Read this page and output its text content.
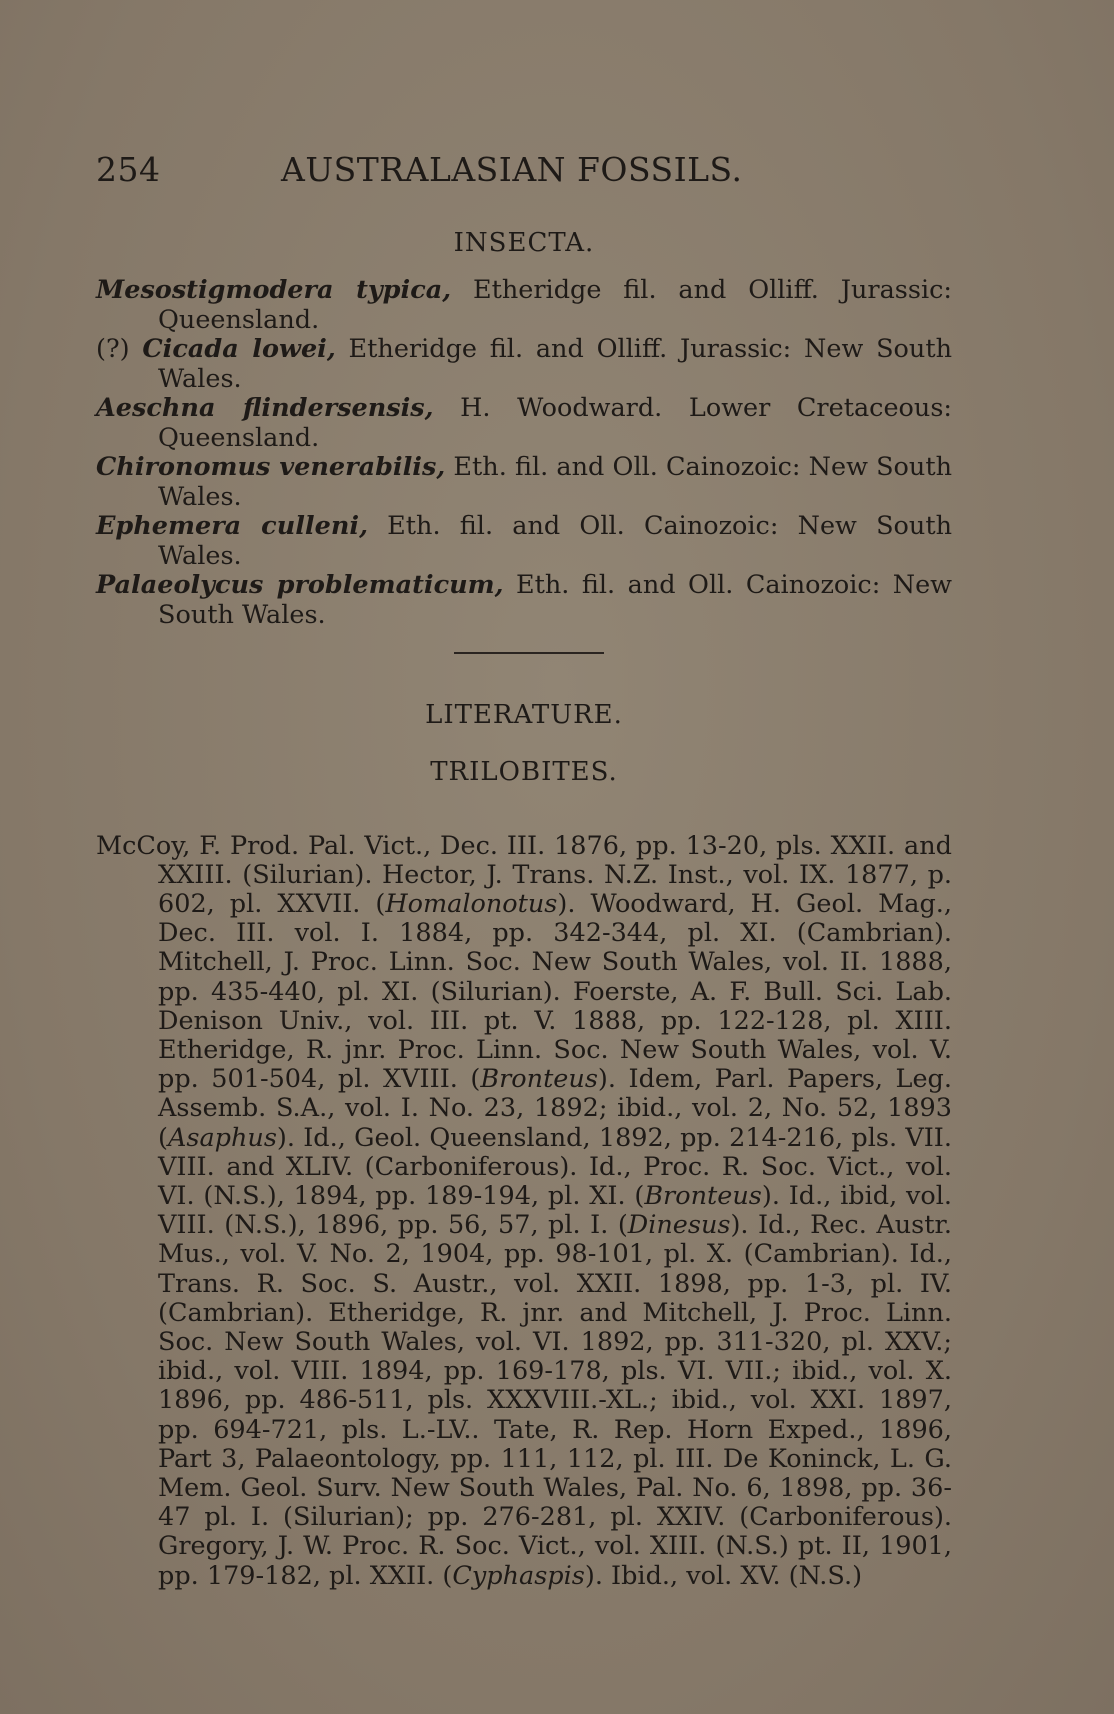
254	AUSTRALASIAN FOSSILS.
INSECTA.

Mesostigmodera typica, Etheridge fil. and Olliff. Jurassic: Queensland.

(?) Cicada lowei, Etheridge fil. and Olliff. Jurassic: New South Wales.

Aeschna flindersensis, H. Woodward. Lower Cretaceous: Queensland.

Chironomus venerabilis, Eth. fil. and Oll. Cainozoic: New South Wales.

Ephemera culleni, Eth. fil. and Oll. Cainozoic: New South Wales.

Palaeolycus problematicum, Eth. fil. and Oll. Cainozoic: New South Wales.

LITERATURE.
TRILOBITES.

McCoy, F. Prod. Pal. Vict., Dec. III. 1876, pp. 13-20, pls. XXII. and XXIII. (Silurian). Hector, J. Trans. N.Z. Inst., vol. IX. 1877, p. 602, pl. XXVII. (Homalonotus). Woodward, H. Geol. Mag., Dec. III. vol. I. 1884, pp. 342-344, pl. XI. (Cambrian). Mitchell, J. Proc. Linn. Soc. New South Wales, vol. II. 1888, pp. 435-440, pl. XI. (Silurian). Foerste, A. F. Bull. Sci. Lab. Denison Univ., vol. III. pt. V. 1888, pp. 122-128, pl. XIII. Etheridge, R. jnr. Proc. Linn. Soc. New South Wales, vol. V. pp. 501-504, pl. XVIII. (Bronteus). Idem, Parl. Papers, Leg. Assemb. S.A., vol. I. No. 23, 1892; ibid., vol. 2, No. 52, 1893 (Asaphus). Id., Geol. Queensland, 1892, pp. 214-216, pls. VII. VIII. and XLIV. (Carboniferous). Id., Proc. R. Soc. Vict., vol. VI. (N.S.), 1894, pp. 189-194, pl. XI. (Bronteus). Id., ibid, vol. VIII. (N.S.), 1896, pp. 56, 57, pl. I. (Dinesus). Id., Rec. Austr. Mus., vol. V. No. 2, 1904, pp. 98-101, pl. X. (Cambrian). Id., Trans. R. Soc. S. Austr., vol. XXII. 1898, pp. 1-3, pl. IV. (Cambrian). Etheridge, R. jnr. and Mitchell, J. Proc. Linn. Soc. New South Wales, vol. VI. 1892, pp. 311-320, pl. XXV.; ibid., vol. VIII. 1894, pp. 169-178, pls. VI. VII.; ibid., vol. X. 1896, pp. 486-511, pls. XXXVIII.-XL.; ibid., vol. XXI. 1897, pp. 694-721, pls. L.-LV.. Tate, R. Rep. Horn Exped., 1896, Part 3, Palaeontology, pp. 111, 112, pl. III. De Koninck, L. G. Mem. Geol. Surv. New South Wales, Pal. No. 6, 1898, pp. 36-47 pl. I. (Silurian); pp. 276-281, pl. XXIV. (Carboniferous). Gregory, J. W. Proc. R. Soc. Vict., vol. XIII. (N.S.) pt. II, 1901, pp. 179-182, pl. XXII. (Cyphaspis). Ibid., vol. XV. (N.S.)
